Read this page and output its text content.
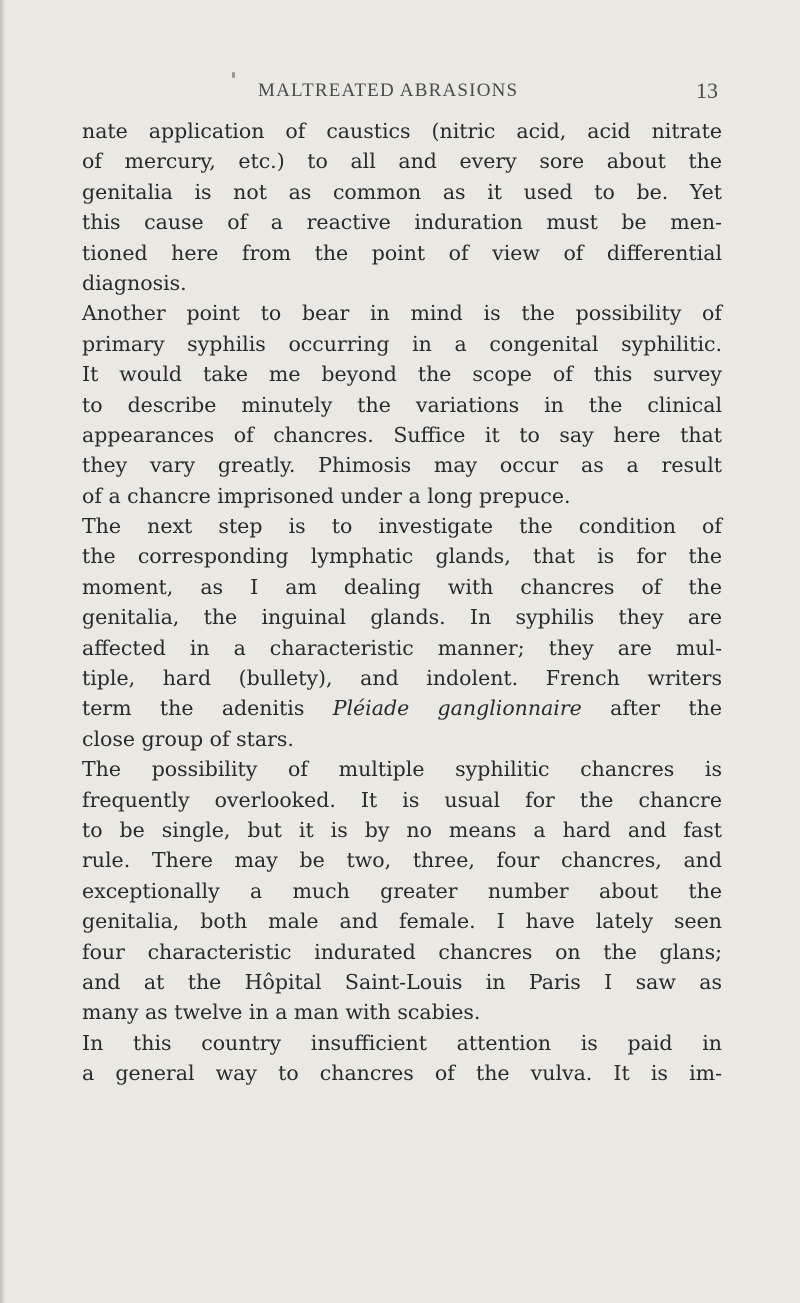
MALTREATED ABRASIONS	13
nate application of caustics (nitric acid, acid nitrate
of mercury, etc.) to all and every sore about the
genitalia is not as common as it used to be. Yet
this cause of a reactive induration must be men-
tioned here from the point of view of differential
diagnosis.
Another point to bear in mind is the possibility of
primary syphilis occurring in a congenital syphilitic.
It would take me beyond the scope of this survey
to describe minutely the variations in the clinical
appearances of chancres. Suffice it to say here that
they vary greatly. Phimosis may occur as a result
of a chancre imprisoned under a long prepuce.
The next step is to investigate the condition of
the corresponding lymphatic glands, that is for the
moment, as I am dealing with chancres of the
genitalia, the inguinal glands. In syphilis they are
affected in a characteristic manner; they are mul-
tiple, hard (bullety), and indolent. French writers
term the adenitis Pléiade ganglionnaire after the
close group of stars.
The possibility of multiple syphilitic chancres is
frequently overlooked. It is usual for the chancre
to be single, but it is by no means a hard and fast
rule. There may be two, three, four chancres, and
exceptionally a much greater number about the
genitalia, both male and female. I have lately seen
four characteristic indurated chancres on the glans;
and at the Hôpital Saint-Louis in Paris I saw as
many as twelve in a man with scabies.
In this country insufficient attention is paid in
a general way to chancres of the vulva. It is im-
